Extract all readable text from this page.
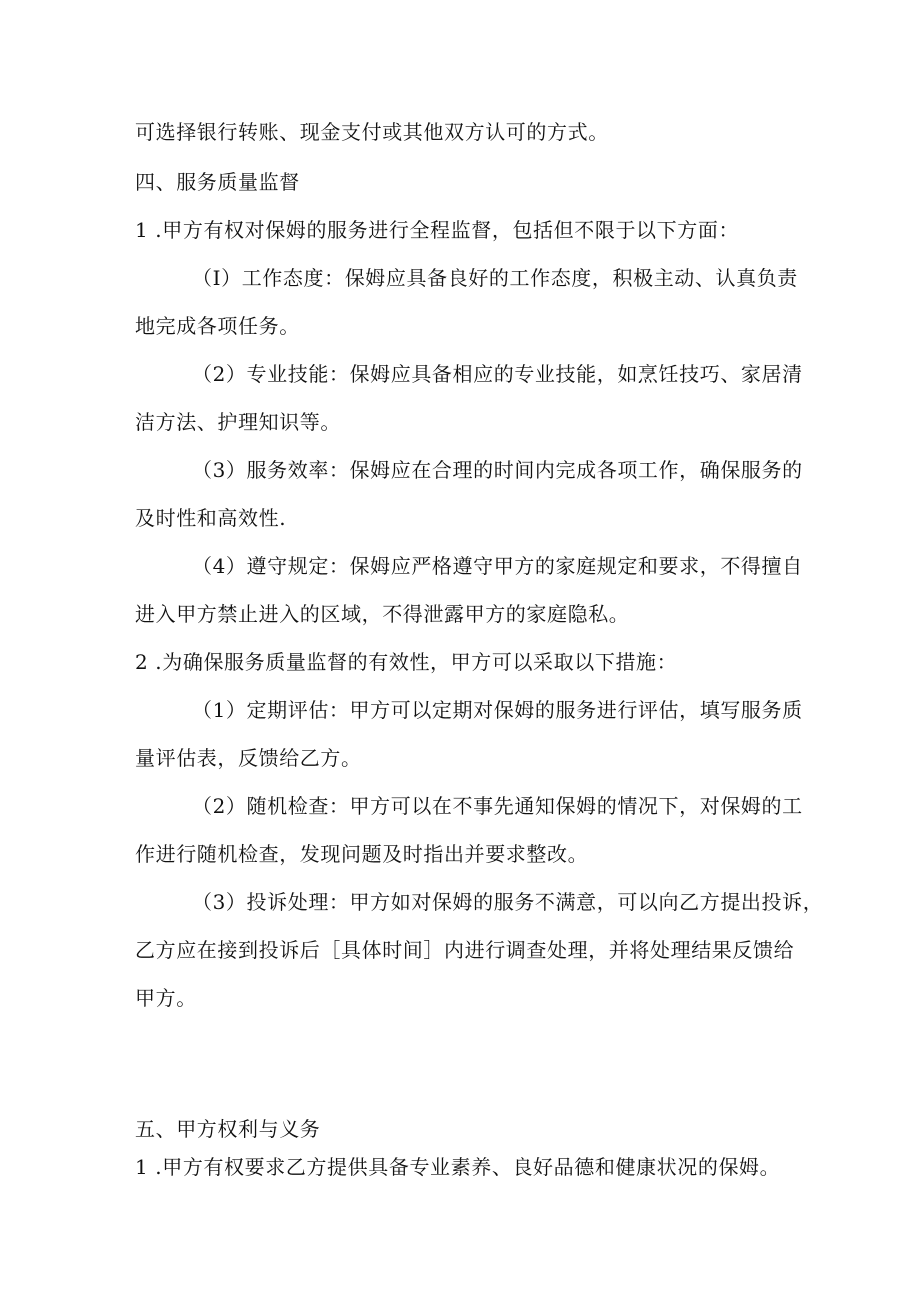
可选择银行转账、现金支付或其他双方认可的方式。
四、服务质量监督
1 .甲方有权对保姆的服务进行全程监督，包括但不限于以下方面：
（I）工作态度：保姆应具备良好的工作态度，积极主动、认真负责
地完成各项任务。
（2）专业技能：保姆应具备相应的专业技能，如烹饪技巧、家居清
洁方法、护理知识等。
（3）服务效率：保姆应在合理的时间内完成各项工作，确保服务的
及时性和高效性.
（4）遵守规定：保姆应严格遵守甲方的家庭规定和要求，不得擅自
进入甲方禁止进入的区域，不得泄露甲方的家庭隐私。
2 .为确保服务质量监督的有效性，甲方可以采取以下措施：
（1）定期评估：甲方可以定期对保姆的服务进行评估，填写服务质
量评估表，反馈给乙方。
（2）随机检查：甲方可以在不事先通知保姆的情况下，对保姆的工
作进行随机检查，发现问题及时指出并要求整改。
（3）投诉处理：甲方如对保姆的服务不满意，可以向乙方提出投诉，
乙方应在接到投诉后［具体时间］内进行调查处理，并将处理结果反馈给
甲方。
五、甲方权利与义务
1 .甲方有权要求乙方提供具备专业素养、良好品德和健康状况的保姆。
